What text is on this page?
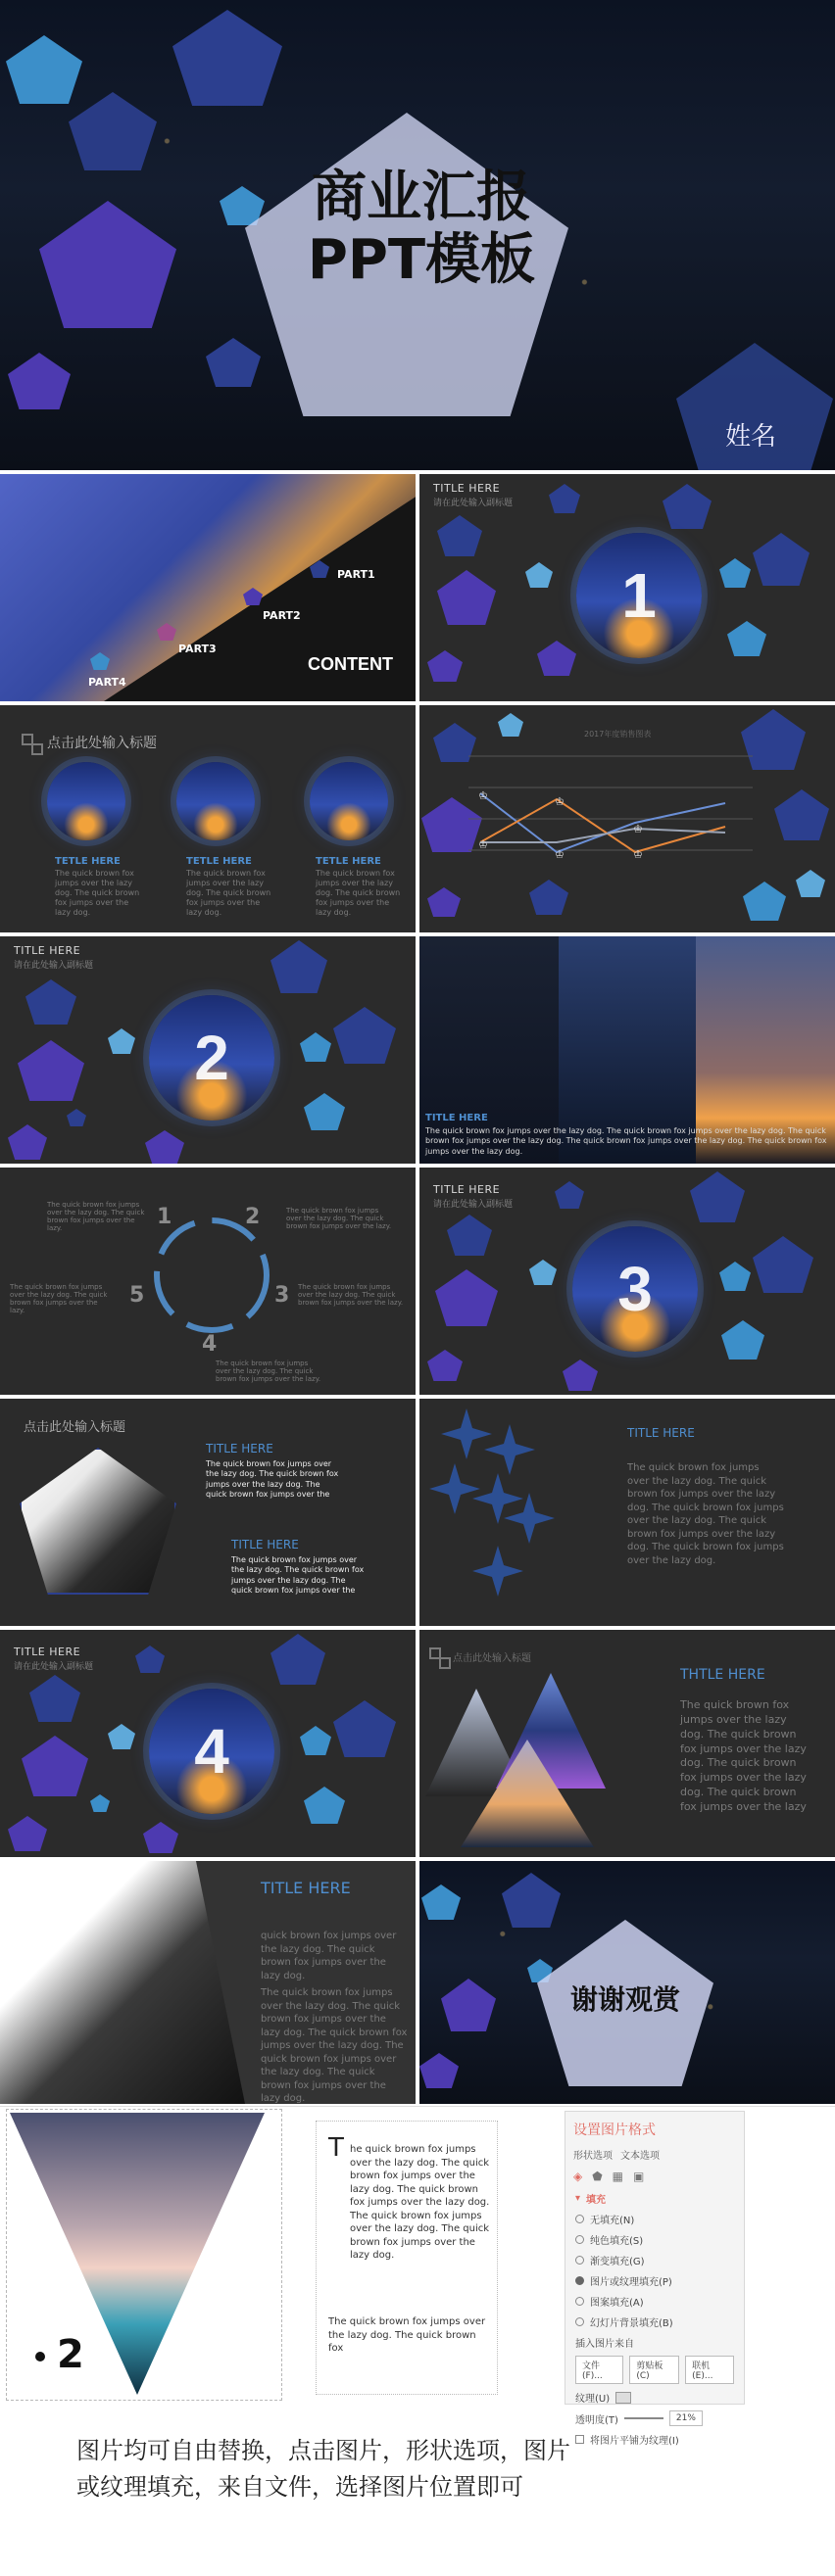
商业汇报
PPT模板
姓名
PART1
PART2
PART3
PART4
CONTENT
TITLE HERE
请在此处输入副标题
1
点击此处输入标题
TETLE HERE
The quick brown fox jumps over the lazy dog. The quick brown fox jumps over the lazy dog.
TETLE HERE
The quick brown fox jumps over the lazy dog. The quick brown fox jumps over the lazy dog.
TETLE HERE
The quick brown fox jumps over the lazy dog. The quick brown fox jumps over the lazy dog.
2017年度销售图表
♔
♔
♔
♔
♔
♔
TITLE HERE
请在此处输入副标题
2
TITLE HERE
The quick brown fox jumps over the lazy dog. The quick brown fox jumps over the lazy dog. The quick brown fox jumps over the lazy dog. The quick brown fox jumps over the lazy dog. The quick brown fox jumps over the lazy dog.
1	2
3
4
5
The quick brown fox jumps over the lazy dog. The quick brown fox jumps over the lazy.
The quick brown fox jumps over the lazy dog. The quick brown fox jumps over the lazy.
The quick brown fox jumps over the lazy dog. The quick brown fox jumps over the lazy.
The quick brown fox jumps over the lazy dog. The quick brown fox jumps over the lazy.
The quick brown fox jumps over the lazy dog. The quick brown fox jumps over the lazy.
TITLE HERE
请在此处输入副标题
3
点击此处输入标题
TITLE HERE
The quick brown fox jumps over the lazy dog. The quick brown fox jumps over the lazy dog. The quick brown fox jumps over the
TITLE HERE
The quick brown fox jumps over the lazy dog. The quick brown fox jumps over the lazy dog. The quick brown fox jumps over the
TITLE HERE
The quick brown fox jumps over the lazy dog. The quick brown fox jumps over the lazy dog. The quick brown fox jumps over the lazy dog. The quick brown fox jumps over the lazy dog. The quick brown fox jumps over the lazy dog.
TITLE HERE
请在此处输入副标题
4
点击此处输入标题
THTLE HERE
The quick brown fox jumps over the lazy dog. The quick brown fox jumps over the lazy dog. The quick brown fox jumps over the lazy dog. The quick brown fox jumps over the lazy
TITLE HERE
quick brown fox jumps over the lazy dog. The quick brown fox jumps over the lazy dog.
The quick brown fox jumps over the lazy dog. The quick brown fox jumps over the lazy dog. The quick brown fox jumps over the lazy dog. The quick brown fox jumps over the lazy dog. The quick brown fox jumps over the lazy dog.
谢谢观赏
2
T he quick brown fox jumps over the lazy dog. The quick brown fox jumps over the lazy dog. The quick brown fox jumps over the lazy dog. The quick brown fox jumps over the lazy dog. The quick brown fox jumps over the lazy dog.
The quick brown fox jumps over the lazy dog. The quick brown fox
设置图片格式
形状选项 文本选项
◈ ⬟ ▦ ▣
▾ 填充
无填充(N)
纯色填充(S)
渐变填充(G)
图片或纹理填充(P)
图案填充(A)
幻灯片背景填充(B)
插入图片来自
文件(F)...
剪贴板(C)
联机(E)...
纹理(U)
透明度(T)	21%
将图片平铺为纹理(I)
图片均可自由替换，点击图片，形状选项，图片或纹理填充，来自文件，选择图片位置即可
